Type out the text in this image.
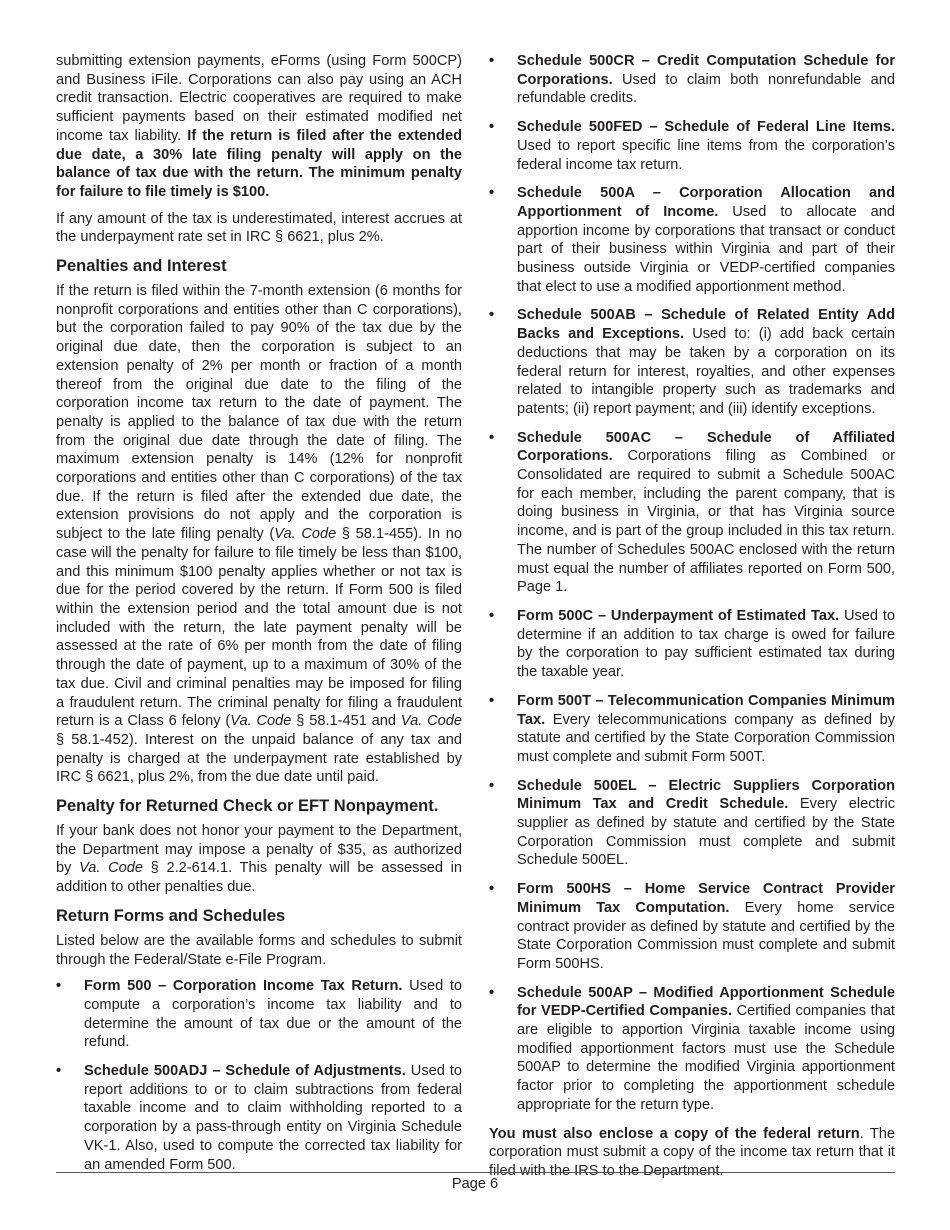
submitting extension payments, eForms (using Form 500CP) and Business iFile. Corporations can also pay using an ACH credit transaction. Electric cooperatives are required to make sufficient payments based on their estimated modified net income tax liability. If the return is filed after the extended due date, a 30% late filing penalty will apply on the balance of tax due with the return. The minimum penalty for failure to file timely is $100.

If any amount of the tax is underestimated, interest accrues at the underpayment rate set in IRC § 6621, plus 2%.

Penalties and Interest

If the return is filed within the 7-month extension (6 months for nonprofit corporations and entities other than C corporations), but the corporation failed to pay 90% of the tax due by the original due date, then the corporation is subject to an extension penalty of 2% per month or fraction of a month thereof from the original due date to the filing of the corporation income tax return to the date of payment. The penalty is applied to the balance of tax due with the return from the original due date through the date of filing. The maximum extension penalty is 14% (12% for nonprofit corporations and entities other than C corporations) of the tax due. If the return is filed after the extended due date, the extension provisions do not apply and the corporation is subject to the late filing penalty (Va. Code § 58.1-455). In no case will the penalty for failure to file timely be less than $100, and this minimum $100 penalty applies whether or not tax is due for the period covered by the return. If Form 500 is filed within the extension period and the total amount due is not included with the return, the late payment penalty will be assessed at the rate of 6% per month from the date of filing through the date of payment, up to a maximum of 30% of the tax due. Civil and criminal penalties may be imposed for filing a fraudulent return. The criminal penalty for filing a fraudulent return is a Class 6 felony (Va. Code § 58.1-451 and Va. Code § 58.1-452). Interest on the unpaid balance of any tax and penalty is charged at the underpayment rate established by IRC § 6621, plus 2%, from the due date until paid.

Penalty for Returned Check or EFT Nonpayment.

If your bank does not honor your payment to the Department, the Department may impose a penalty of $35, as authorized by Va. Code § 2.2-614.1. This penalty will be assessed in addition to other penalties due.

Return Forms and Schedules

Listed below are the available forms and schedules to submit through the Federal/State e-File Program.

• Form 500 – Corporation Income Tax Return. Used to compute a corporation’s income tax liability and to determine the amount of tax due or the amount of the refund.
• Schedule 500ADJ – Schedule of Adjustments. Used to report additions to or to claim subtractions from federal taxable income and to claim withholding reported to a corporation by a pass-through entity on Virginia Schedule VK-1. Also, used to compute the corrected tax liability for an amended Form 500.
• Schedule 500CR – Credit Computation Schedule for Corporations. Used to claim both nonrefundable and refundable credits.
• Schedule 500FED – Schedule of Federal Line Items. Used to report specific line items from the corporation’s federal income tax return.
• Schedule 500A – Corporation Allocation and Apportionment of Income. Used to allocate and apportion income by corporations that transact or conduct part of their business within Virginia and part of their business outside Virginia or VEDP-certified companies that elect to use a modified apportionment method.
• Schedule 500AB – Schedule of Related Entity Add Backs and Exceptions. Used to: (i) add back certain deductions that may be taken by a corporation on its federal return for interest, royalties, and other expenses related to intangible property such as trademarks and patents; (ii) report payment; and (iii) identify exceptions.
• Schedule 500AC – Schedule of Affiliated Corporations. Corporations filing as Combined or Consolidated are required to submit a Schedule 500AC for each member, including the parent company, that is doing business in Virginia, or that has Virginia source income, and is part of the group included in this tax return. The number of Schedules 500AC enclosed with the return must equal the number of affiliates reported on Form 500, Page 1.
• Form 500C – Underpayment of Estimated Tax. Used to determine if an addition to tax charge is owed for failure by the corporation to pay sufficient estimated tax during the taxable year.
• Form 500T – Telecommunication Companies Minimum Tax. Every telecommunications company as defined by statute and certified by the State Corporation Commission must complete and submit Form 500T.
• Schedule 500EL – Electric Suppliers Corporation Minimum Tax and Credit Schedule. Every electric supplier as defined by statute and certified by the State Corporation Commission must complete and submit Schedule 500EL.
• Form 500HS – Home Service Contract Provider Minimum Tax Computation. Every home service contract provider as defined by statute and certified by the State Corporation Commission must complete and submit Form 500HS.
• Schedule 500AP – Modified Apportionment Schedule for VEDP-Certified Companies. Certified companies that are eligible to apportion Virginia taxable income using modified apportionment factors must use the Schedule 500AP to determine the modified Virginia apportionment factor prior to completing the apportionment schedule appropriate for the return type.

You must also enclose a copy of the federal return. The corporation must submit a copy of the income tax return that it filed with the IRS to the Department.

Page 6
